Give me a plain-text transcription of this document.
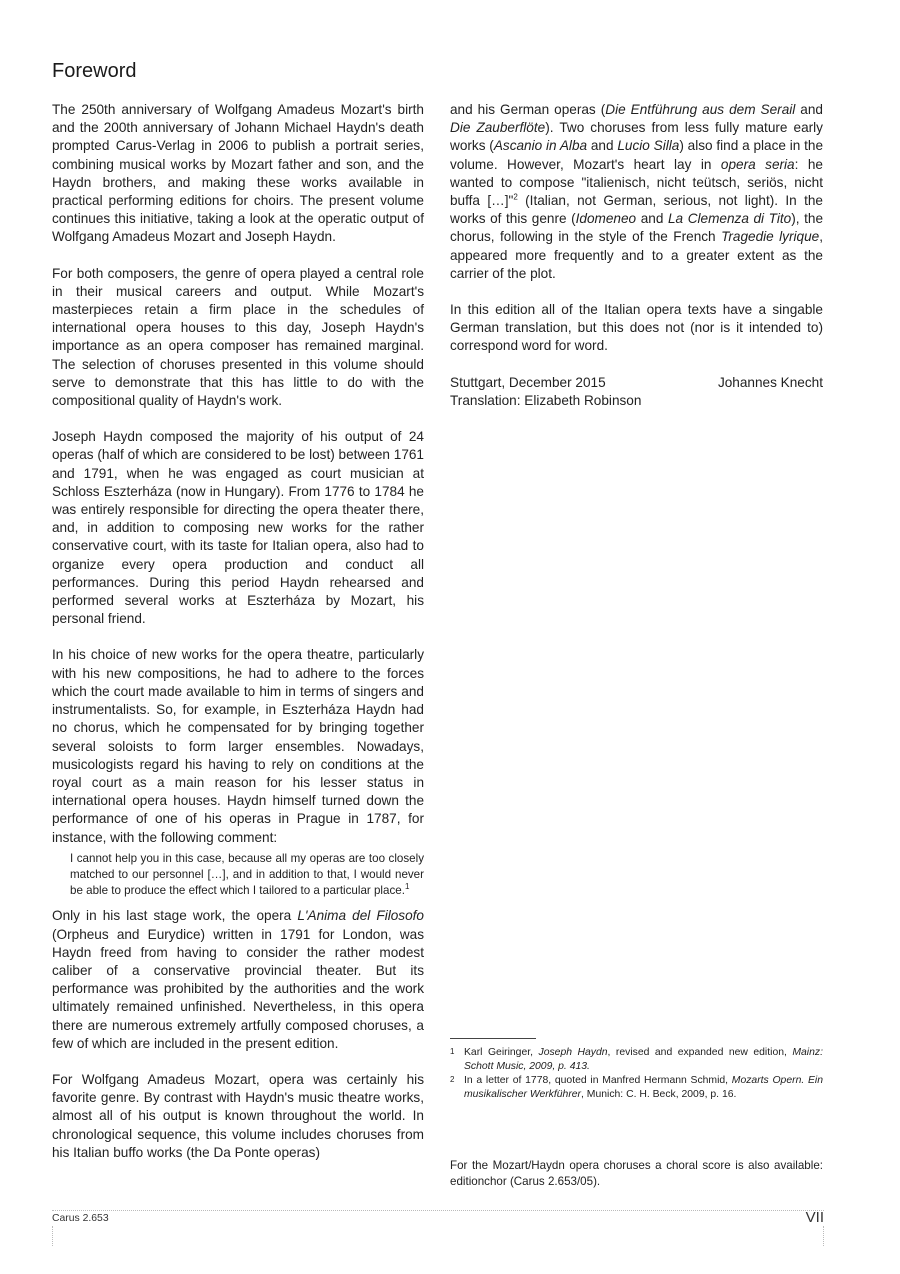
Foreword

The 250th anniversary of Wolfgang Amadeus Mozart's birth and the 200th anniversary of Johann Michael Haydn's death prompted Carus-Verlag in 2006 to publish a portrait series, combining musical works by Mozart father and son, and the Haydn brothers, and making these works available in practical performing editions for choirs. The present volume continues this initiative, taking a look at the operatic output of Wolfgang Amadeus Mozart and Joseph Haydn.

For both composers, the genre of opera played a central role in their musical careers and output. While Mozart's masterpieces retain a firm place in the schedules of international opera houses to this day, Joseph Haydn's importance as an opera composer has remained marginal. The selection of choruses presented in this volume should serve to demonstrate that this has little to do with the compositional quality of Haydn's work.

Joseph Haydn composed the majority of his output of 24 operas (half of which are considered to be lost) between 1761 and 1791, when he was engaged as court musician at Schloss Eszterháza (now in Hungary). From 1776 to 1784 he was entirely responsible for directing the opera theater there, and, in addition to composing new works for the rather conservative court, with its taste for Italian opera, also had to organize every opera production and conduct all performances. During this period Haydn rehearsed and performed several works at Eszterháza by Mozart, his personal friend.

In his choice of new works for the opera theatre, particularly with his new compositions, he had to adhere to the forces which the court made available to him in terms of singers and instrumentalists. So, for example, in Eszterháza Haydn had no chorus, which he compensated for by bringing together several soloists to form larger ensembles. Nowadays, musicologists regard his having to rely on conditions at the royal court as a main reason for his lesser status in international opera houses. Haydn himself turned down the performance of one of his operas in Prague in 1787, for instance, with the following comment:

I cannot help you in this case, because all my operas are too closely matched to our personnel […], and in addition to that, I would never be able to produce the effect which I tailored to a particular place.$^1$

Only in his last stage work, the opera L'Anima del Filosofo (Orpheus and Eurydice) written in 1791 for London, was Haydn freed from having to consider the rather modest caliber of a conservative provincial theater. But its performance was prohibited by the authorities and the work ultimately remained unfinished. Nevertheless, in this opera there are numerous extremely artfully composed choruses, a few of which are included in the present edition.

For Wolfgang Amadeus Mozart, opera was certainly his favorite genre. By contrast with Haydn's music theatre works, almost all of his output is known throughout the world. In chronological sequence, this volume includes choruses from his Italian buffo works (the Da Ponte operas)

and his German operas (Die Entführung aus dem Serail and Die Zauberflöte). Two choruses from less fully mature early works (Ascanio in Alba and Lucio Silla) also find a place in the volume. However, Mozart's heart lay in opera seria: he wanted to compose "italienisch, nicht teütsch, seriös, nicht buffa […]"$^2$ (Italian, not German, serious, not light). In the works of this genre (Idomeneo and La Clemenza di Tito), the chorus, following in the style of the French Tragedie lyrique, appeared more frequently and to a greater extent as the carrier of the plot.

In this edition all of the Italian opera texts have a singable German translation, but this does not (nor is it intended to) correspond word for word.

Stuttgart, December 2015	Johannes Knecht

Translation: Elizabeth Robinson

1 Karl Geiringer, Joseph Haydn, revised and expanded new edition, Mainz: Schott Music, 2009, p. 413.
2 In a letter of 1778, quoted in Manfred Hermann Schmid, Mozarts Opern. Ein musikalischer Werkführer, Munich: C. H. Beck, 2009, p. 16.
For the Mozart/Haydn opera choruses a choral score is also available: editionchor (Carus 2.653/05).
Carus 2.653	VII
